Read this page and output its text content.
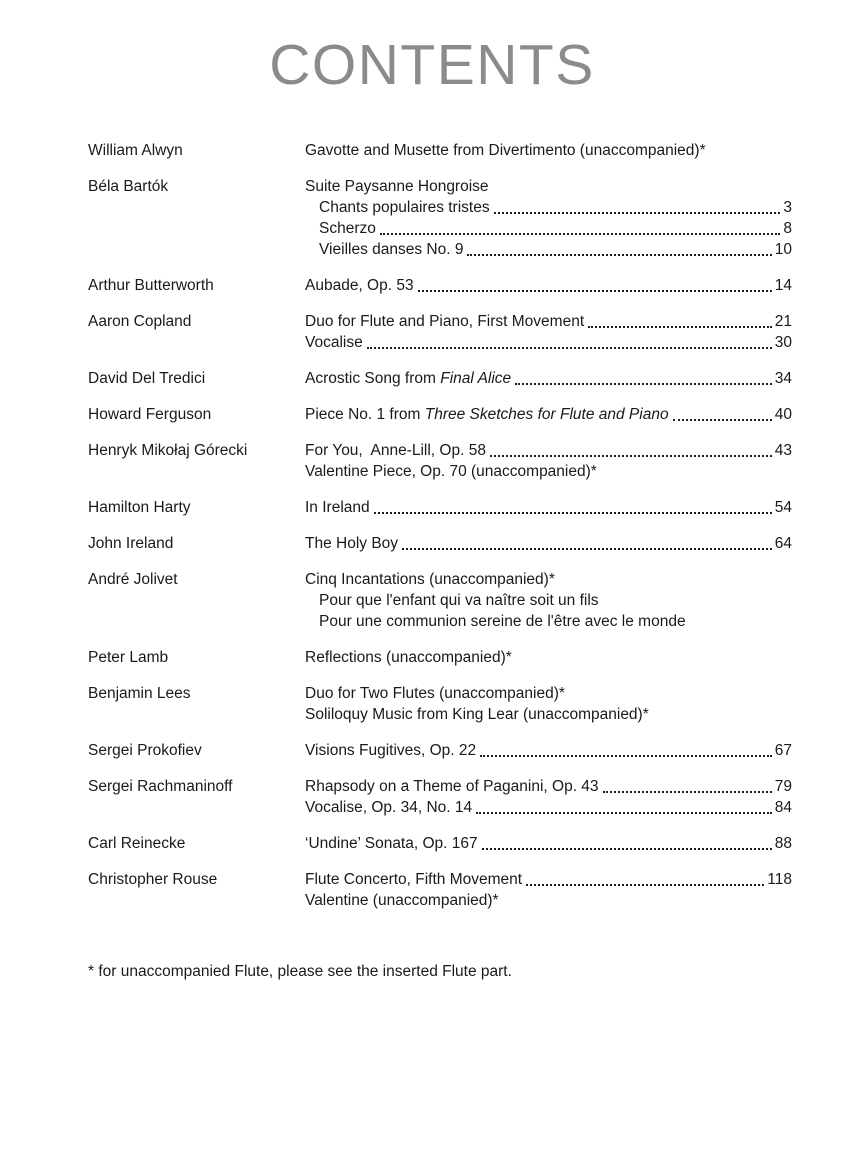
CONTENTS
William Alwyn	Gavotte and Musette from Divertimento (unaccompanied)*
Béla Bartók	Suite Paysanne Hongroise
Chants populaires tristes	3
Scherzo	8
Vieilles danses No. 9	10
Arthur Butterworth	Aubade, Op. 53	14
Aaron Copland	Duo for Flute and Piano, First Movement	21
Vocalise	30
David Del Tredici	Acrostic Song from Final Alice	34
Howard Ferguson	Piece No. 1 from Three Sketches for Flute and Piano	40
Henryk Mikołaj Górecki	For You,  Anne-Lill, Op. 58	43
Valentine Piece, Op. 70 (unaccompanied)*
Hamilton Harty	In Ireland	54
John Ireland	The Holy Boy	64
André Jolivet	Cinq Incantations (unaccompanied)*
Pour que l'enfant qui va naître soit un fils
Pour une communion sereine de l'être avec le monde
Peter Lamb	Reflections (unaccompanied)*
Benjamin Lees	Duo for Two Flutes (unaccompanied)*
Soliloquy Music from King Lear (unaccompanied)*
Sergei Prokofiev	Visions Fugitives, Op. 22	67
Sergei Rachmaninoff	Rhapsody on a Theme of Paganini, Op. 43	79
Vocalise, Op. 34, No. 14	84
Carl Reinecke	‘Undine’ Sonata, Op. 167	88
Christopher Rouse	Flute Concerto, Fifth Movement	118
Valentine (unaccompanied)*

* for unaccompanied Flute, please see the inserted Flute part.
